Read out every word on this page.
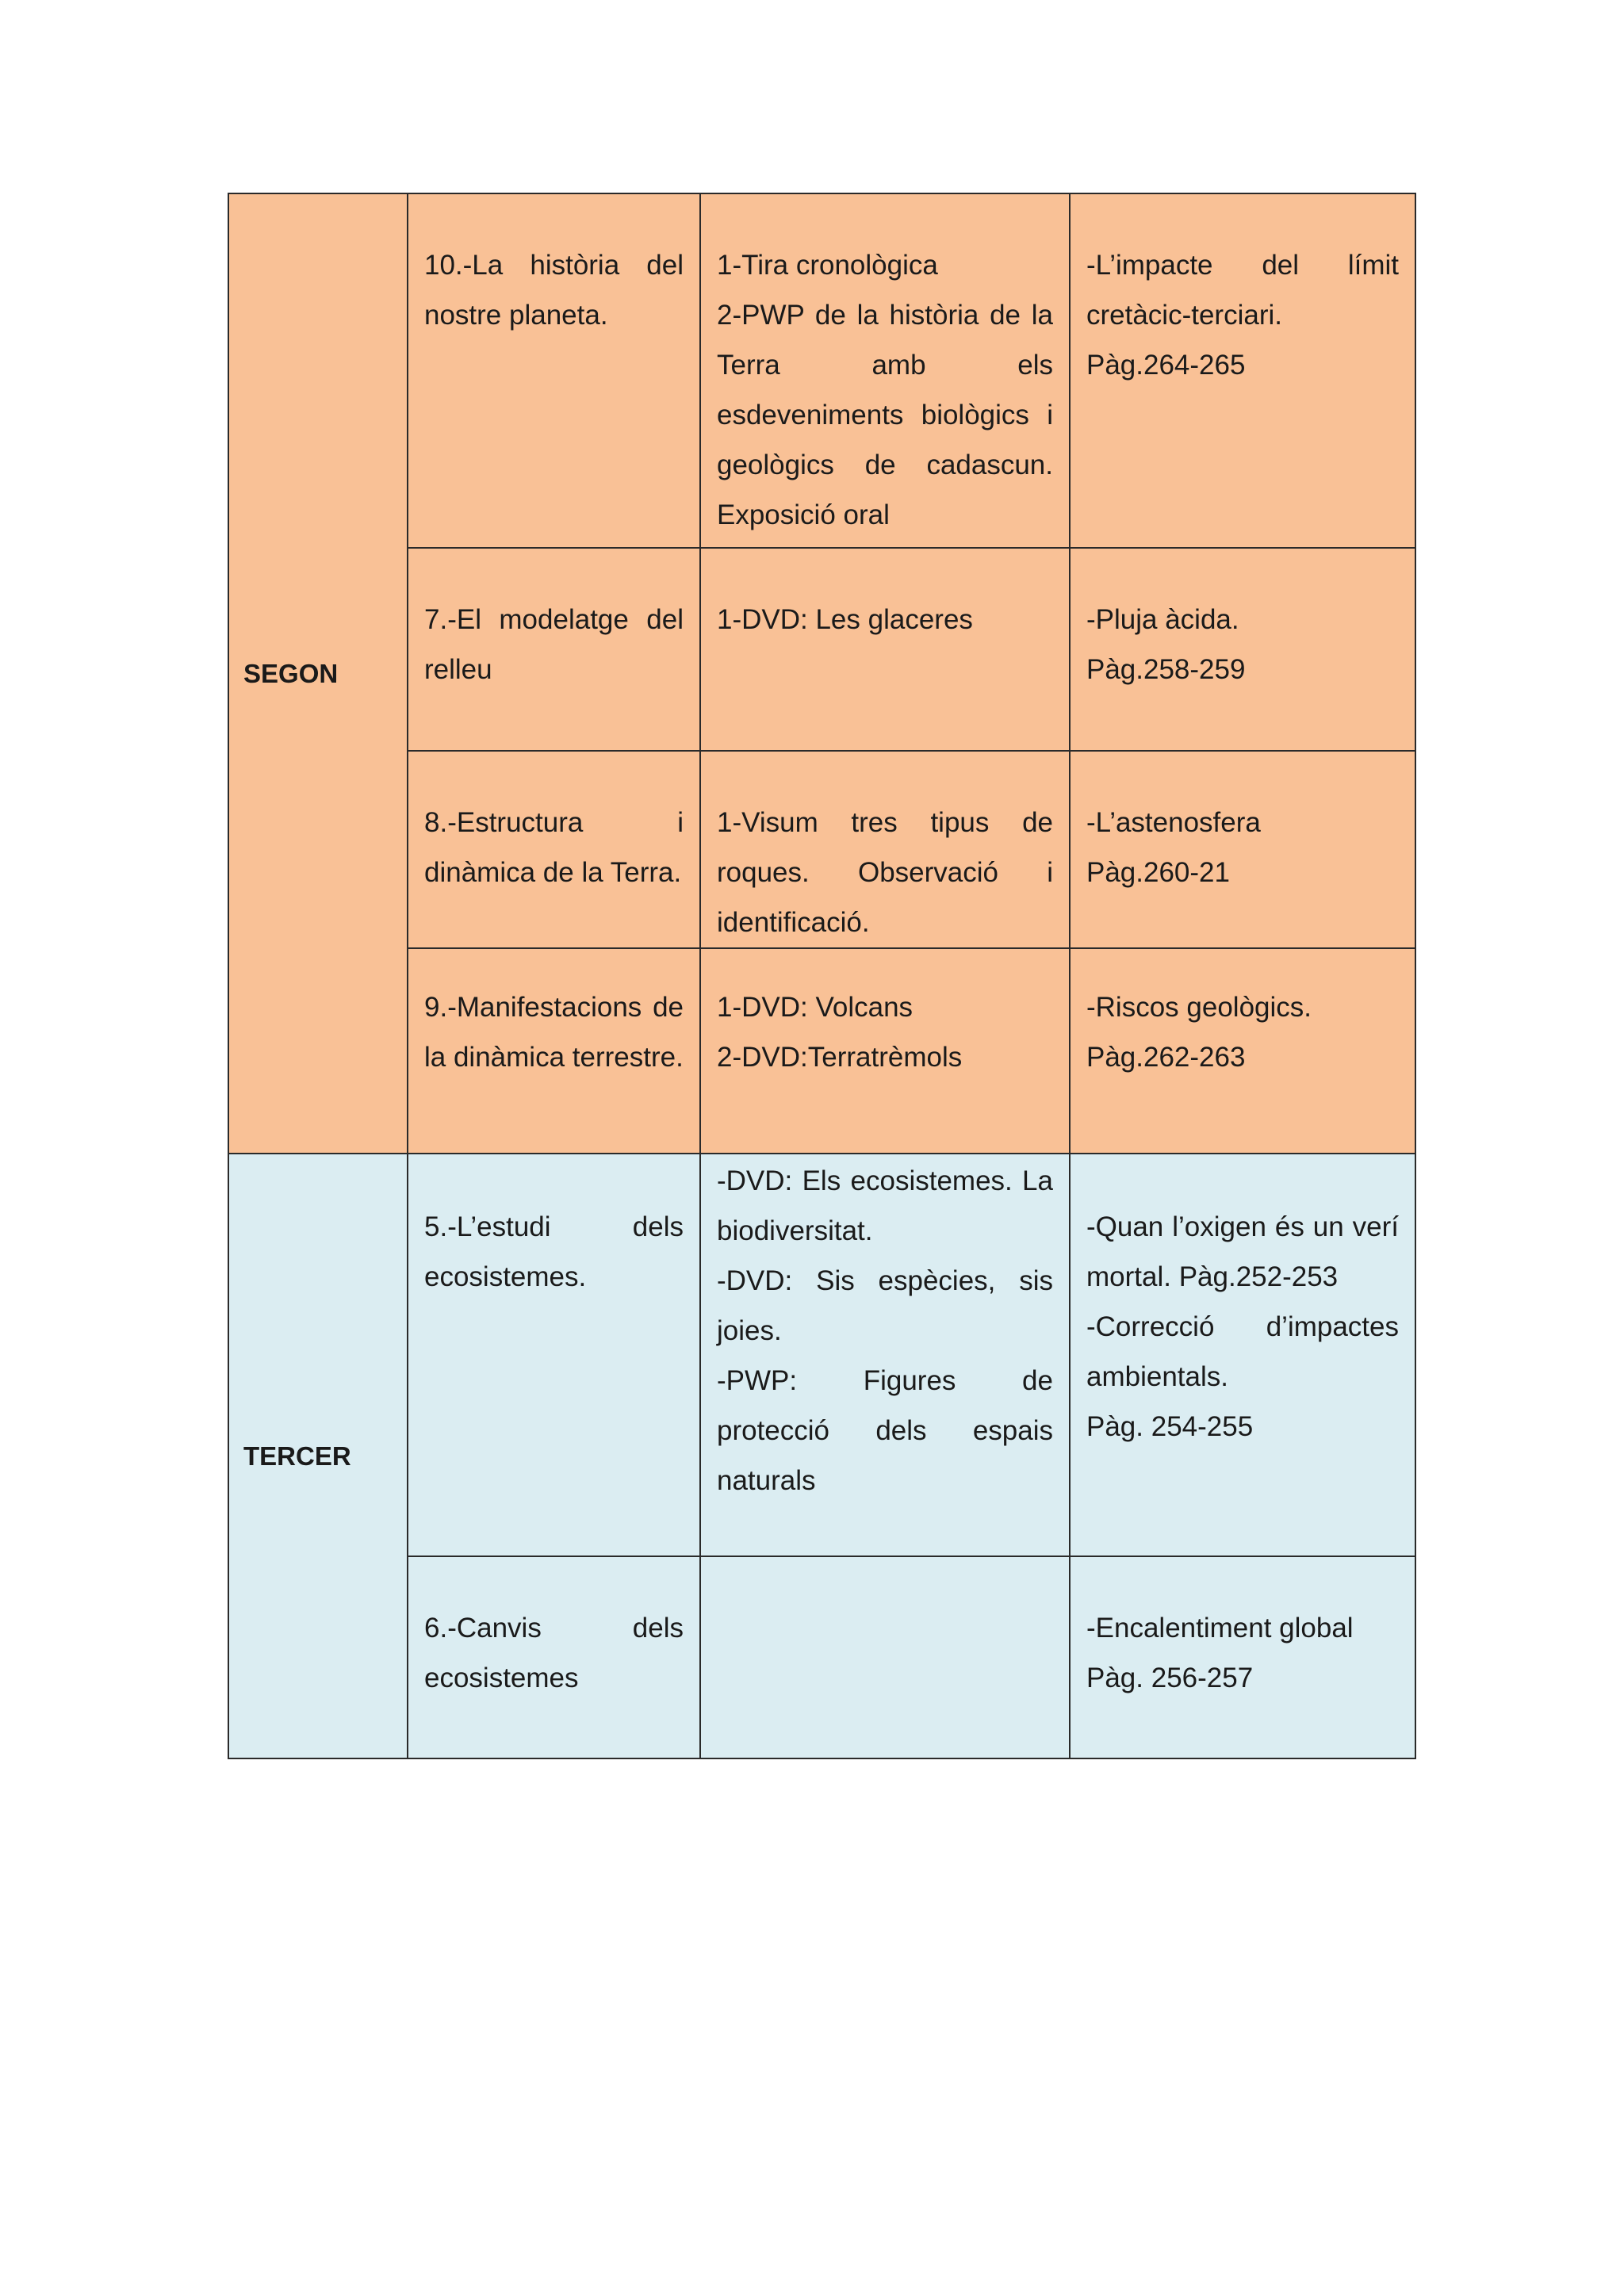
SEGON	10.-La història del nostre planeta.	1-Tira cronològica
2-PWP de la història de la Terra amb els esdeveniments biològics i geològics de cadascun. Exposició oral	-L’impacte del límit cretàcic-terciari.
Pàg.264-265

	7.-El modelatge del relleu	1-DVD: Les glaceres	-Pluja àcida.
Pàg.258-259

	8.-Estructura i dinàmica de la Terra.	1-Visum tres tipus de roques. Observació i identificació.	-L’astenosfera
Pàg.260-21

	9.-Manifestacions de la dinàmica terrestre.	1-DVD: Volcans
2-DVD:Terratrèmols	-Riscos geològics.
Pàg.262-263

TERCER	5.-L’estudi dels ecosistemes.	-DVD: Els ecosistemes. La biodiversitat.
-DVD: Sis espècies, sis joies.
-PWP: Figures de protecció dels espais naturals	-Quan l’oxigen és un verí mortal. Pàg.252-253
-Correcció d’impactes ambientals.
Pàg. 254-255

	6.-Canvis dels ecosistemes		-Encalentiment global
Pàg. 256-257
